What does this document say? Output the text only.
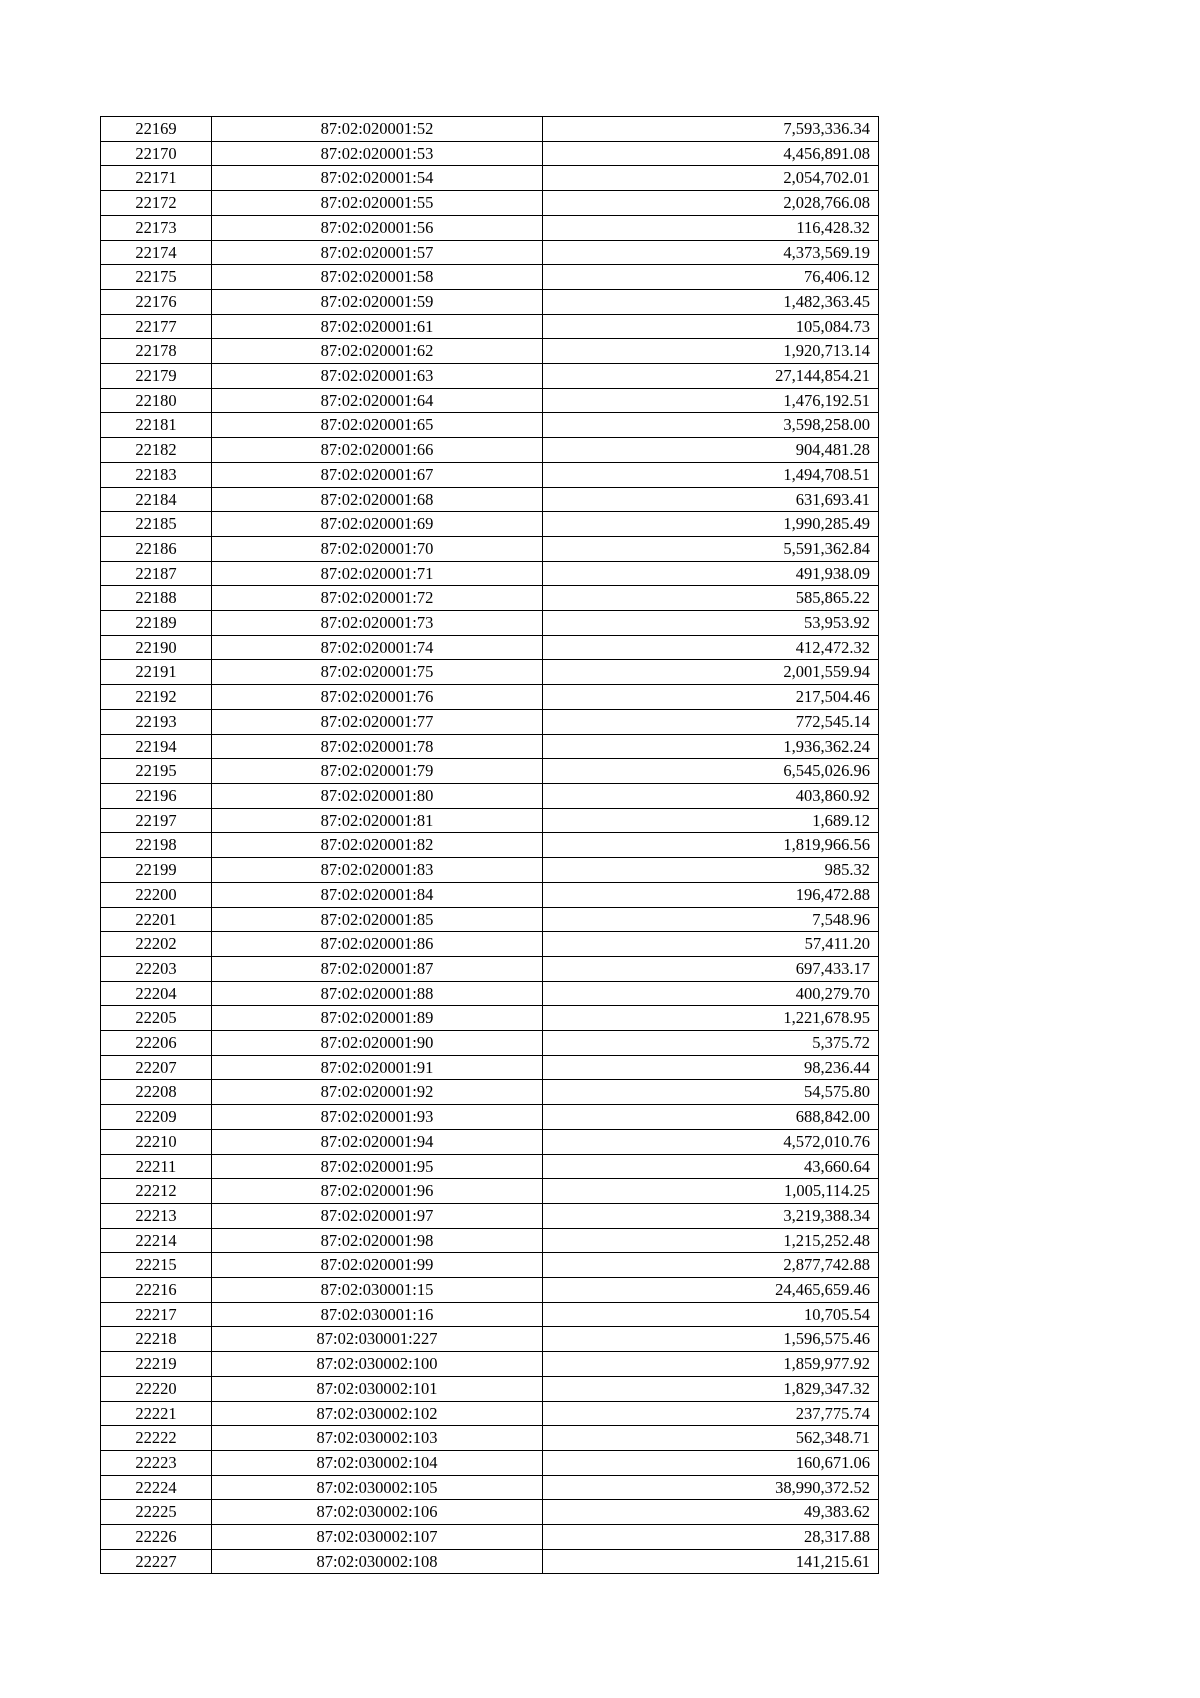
22169	87:02:020001:52	7,593,336.34
22170	87:02:020001:53	4,456,891.08
22171	87:02:020001:54	2,054,702.01
22172	87:02:020001:55	2,028,766.08
22173	87:02:020001:56	116,428.32
22174	87:02:020001:57	4,373,569.19
22175	87:02:020001:58	76,406.12
22176	87:02:020001:59	1,482,363.45
22177	87:02:020001:61	105,084.73
22178	87:02:020001:62	1,920,713.14
22179	87:02:020001:63	27,144,854.21
22180	87:02:020001:64	1,476,192.51
22181	87:02:020001:65	3,598,258.00
22182	87:02:020001:66	904,481.28
22183	87:02:020001:67	1,494,708.51
22184	87:02:020001:68	631,693.41
22185	87:02:020001:69	1,990,285.49
22186	87:02:020001:70	5,591,362.84
22187	87:02:020001:71	491,938.09
22188	87:02:020001:72	585,865.22
22189	87:02:020001:73	53,953.92
22190	87:02:020001:74	412,472.32
22191	87:02:020001:75	2,001,559.94
22192	87:02:020001:76	217,504.46
22193	87:02:020001:77	772,545.14
22194	87:02:020001:78	1,936,362.24
22195	87:02:020001:79	6,545,026.96
22196	87:02:020001:80	403,860.92
22197	87:02:020001:81	1,689.12
22198	87:02:020001:82	1,819,966.56
22199	87:02:020001:83	985.32
22200	87:02:020001:84	196,472.88
22201	87:02:020001:85	7,548.96
22202	87:02:020001:86	57,411.20
22203	87:02:020001:87	697,433.17
22204	87:02:020001:88	400,279.70
22205	87:02:020001:89	1,221,678.95
22206	87:02:020001:90	5,375.72
22207	87:02:020001:91	98,236.44
22208	87:02:020001:92	54,575.80
22209	87:02:020001:93	688,842.00
22210	87:02:020001:94	4,572,010.76
22211	87:02:020001:95	43,660.64
22212	87:02:020001:96	1,005,114.25
22213	87:02:020001:97	3,219,388.34
22214	87:02:020001:98	1,215,252.48
22215	87:02:020001:99	2,877,742.88
22216	87:02:030001:15	24,465,659.46
22217	87:02:030001:16	10,705.54
22218	87:02:030001:227	1,596,575.46
22219	87:02:030002:100	1,859,977.92
22220	87:02:030002:101	1,829,347.32
22221	87:02:030002:102	237,775.74
22222	87:02:030002:103	562,348.71
22223	87:02:030002:104	160,671.06
22224	87:02:030002:105	38,990,372.52
22225	87:02:030002:106	49,383.62
22226	87:02:030002:107	28,317.88
22227	87:02:030002:108	141,215.61
